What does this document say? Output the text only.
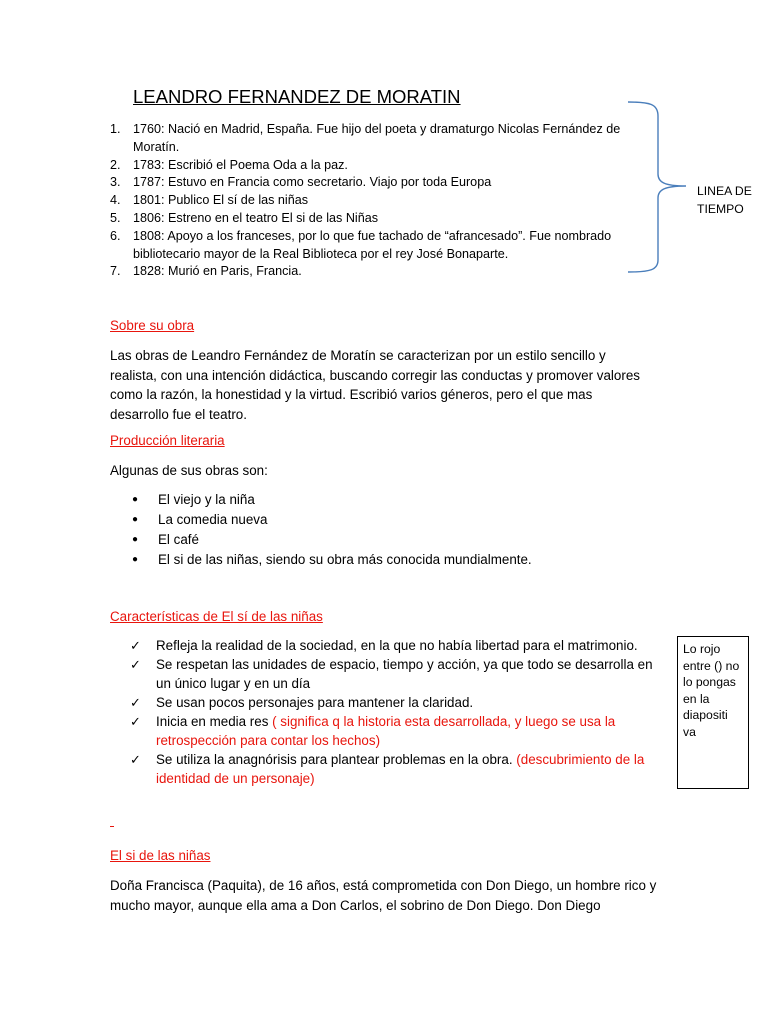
LEANDRO FERNANDEZ DE MORATIN
1. 1760: Nació en Madrid, España. Fue hijo del poeta y dramaturgo Nicolas Fernández de Moratín.
2. 1783: Escribió el Poema Oda a la paz.
3. 1787: Estuvo en Francia como secretario. Viajo por toda Europa
4. 1801: Publico El sí de las niñas
5. 1806: Estreno en el teatro El si de las Niñas
6. 1808: Apoyo a los franceses, por lo que fue tachado de “afrancesado”. Fue nombrado bibliotecario mayor de la Real Biblioteca por el rey José Bonaparte.
7. 1828: Murió en Paris, Francia.
LINEA DE TIEMPO
Sobre su obra
Las obras de Leandro Fernández de Moratín se caracterizan por un estilo sencillo y realista, con una intención didáctica, buscando corregir las conductas y promover valores como la razón, la honestidad y la virtud. Escribió varios géneros, pero el que mas desarrollo fue el teatro.
Producción literaria
Algunas de sus obras son:
●	El viejo y la niña
●	La comedia nueva
●	El café
●	El si de las niñas, siendo su obra más conocida mundialmente.
Características de El sí de las niñas
✓	Refleja la realidad de la sociedad, en la que no había libertad para el matrimonio.
✓	Se respetan las unidades de espacio, tiempo y acción, ya que todo se desarrolla en un único lugar y en un día
✓	Se usan pocos personajes para mantener la claridad.
✓	Inicia en media res ( significa q la historia esta desarrollada, y luego se usa la retrospección para contar los hechos)
✓	Se utiliza la anagnórisis para plantear problemas en la obra. (descubrimiento de la identidad de un personaje)
Lo rojo entre () no lo pongas en la diapositi va
El si de las niñas
Doña Francisca (Paquita), de 16 años, está comprometida con Don Diego, un hombre rico y mucho mayor, aunque ella ama a Don Carlos, el sobrino de Don Diego. Don Diego
